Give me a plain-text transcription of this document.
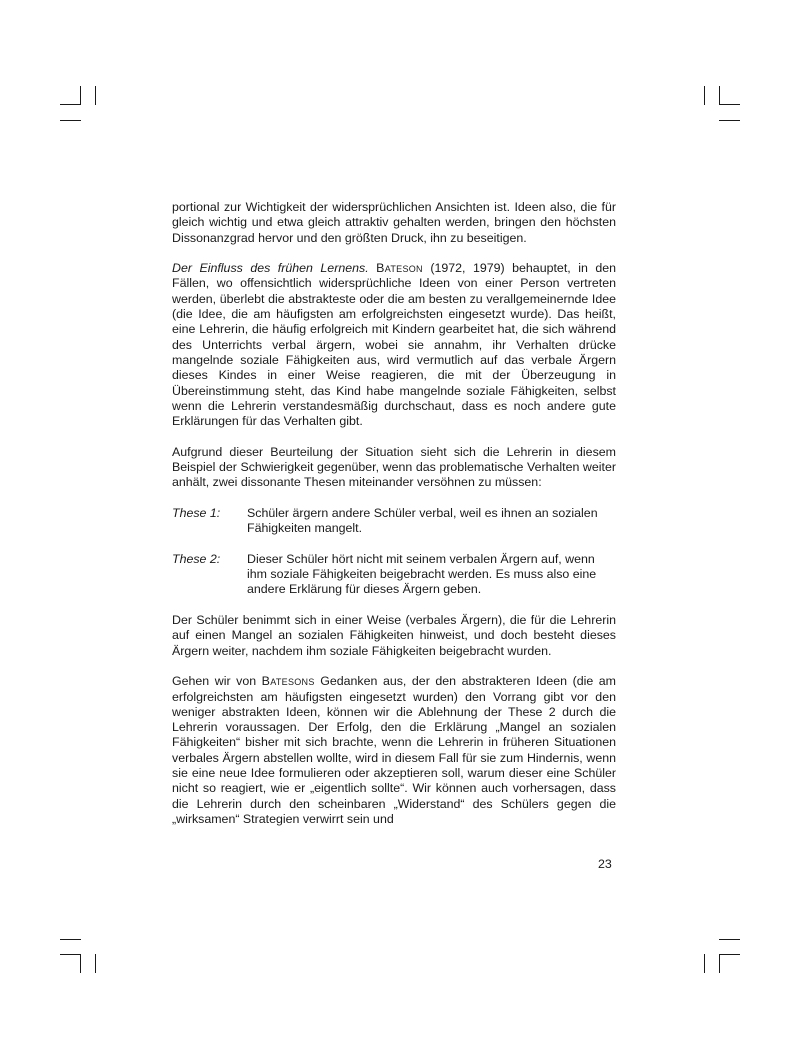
portional zur Wichtigkeit der widersprüchlichen Ansichten ist. Ideen also, die für gleich wichtig und etwa gleich attraktiv gehalten werden, bringen den höchsten Dissonanzgrad hervor und den größten Druck, ihn zu beseitigen.

Der Einfluss des frühen Lernens. Bateson (1972, 1979) behauptet, in den Fällen, wo offensichtlich widersprüchliche Ideen von einer Person vertreten werden, überlebt die abstrakteste oder die am besten zu verallgemeinernde Idee (die Idee, die am häufigsten am erfolgreichsten eingesetzt wurde). Das heißt, eine Lehrerin, die häufig erfolgreich mit Kindern gearbeitet hat, die sich während des Unterrichts verbal ärgern, wobei sie annahm, ihr Verhalten drücke mangelnde soziale Fähigkeiten aus, wird vermutlich auf das verbale Ärgern dieses Kindes in einer Weise reagieren, die mit der Überzeugung in Übereinstimmung steht, das Kind habe mangelnde soziale Fähigkeiten, selbst wenn die Lehrerin verstandesmäßig durchschaut, dass es noch andere gute Erklärungen für das Verhalten gibt.

Aufgrund dieser Beurteilung der Situation sieht sich die Lehrerin in diesem Beispiel der Schwierigkeit gegenüber, wenn das problematische Verhalten weiter anhält, zwei dissonante Thesen miteinander versöhnen zu müssen:

These 1:	Schüler ärgern andere Schüler verbal, weil es ihnen an sozialen Fähigkeiten mangelt.
These 2:	Dieser Schüler hört nicht mit seinem verbalen Ärgern auf, wenn ihm soziale Fähigkeiten beigebracht werden. Es muss also eine andere Erklärung für dieses Ärgern geben.

Der Schüler benimmt sich in einer Weise (verbales Ärgern), die für die Lehrerin auf einen Mangel an sozialen Fähigkeiten hinweist, und doch besteht dieses Ärgern weiter, nachdem ihm soziale Fähigkeiten beigebracht wurden.

Gehen wir von Batesons Gedanken aus, der den abstrakteren Ideen (die am erfolgreichsten am häufigsten eingesetzt wurden) den Vorrang gibt vor den weniger abstrakten Ideen, können wir die Ablehnung der These 2 durch die Lehrerin voraussagen. Der Erfolg, den die Erklärung „Mangel an sozialen Fähigkeiten“ bisher mit sich brachte, wenn die Lehrerin in früheren Situationen verbales Ärgern abstellen wollte, wird in diesem Fall für sie zum Hindernis, wenn sie eine neue Idee formulieren oder akzeptieren soll, warum dieser eine Schüler nicht so reagiert, wie er „eigentlich sollte“. Wir können auch vorhersagen, dass die Lehrerin durch den scheinbaren „Widerstand“ des Schülers gegen die „wirksamen“ Strategien verwirrt sein und

23
